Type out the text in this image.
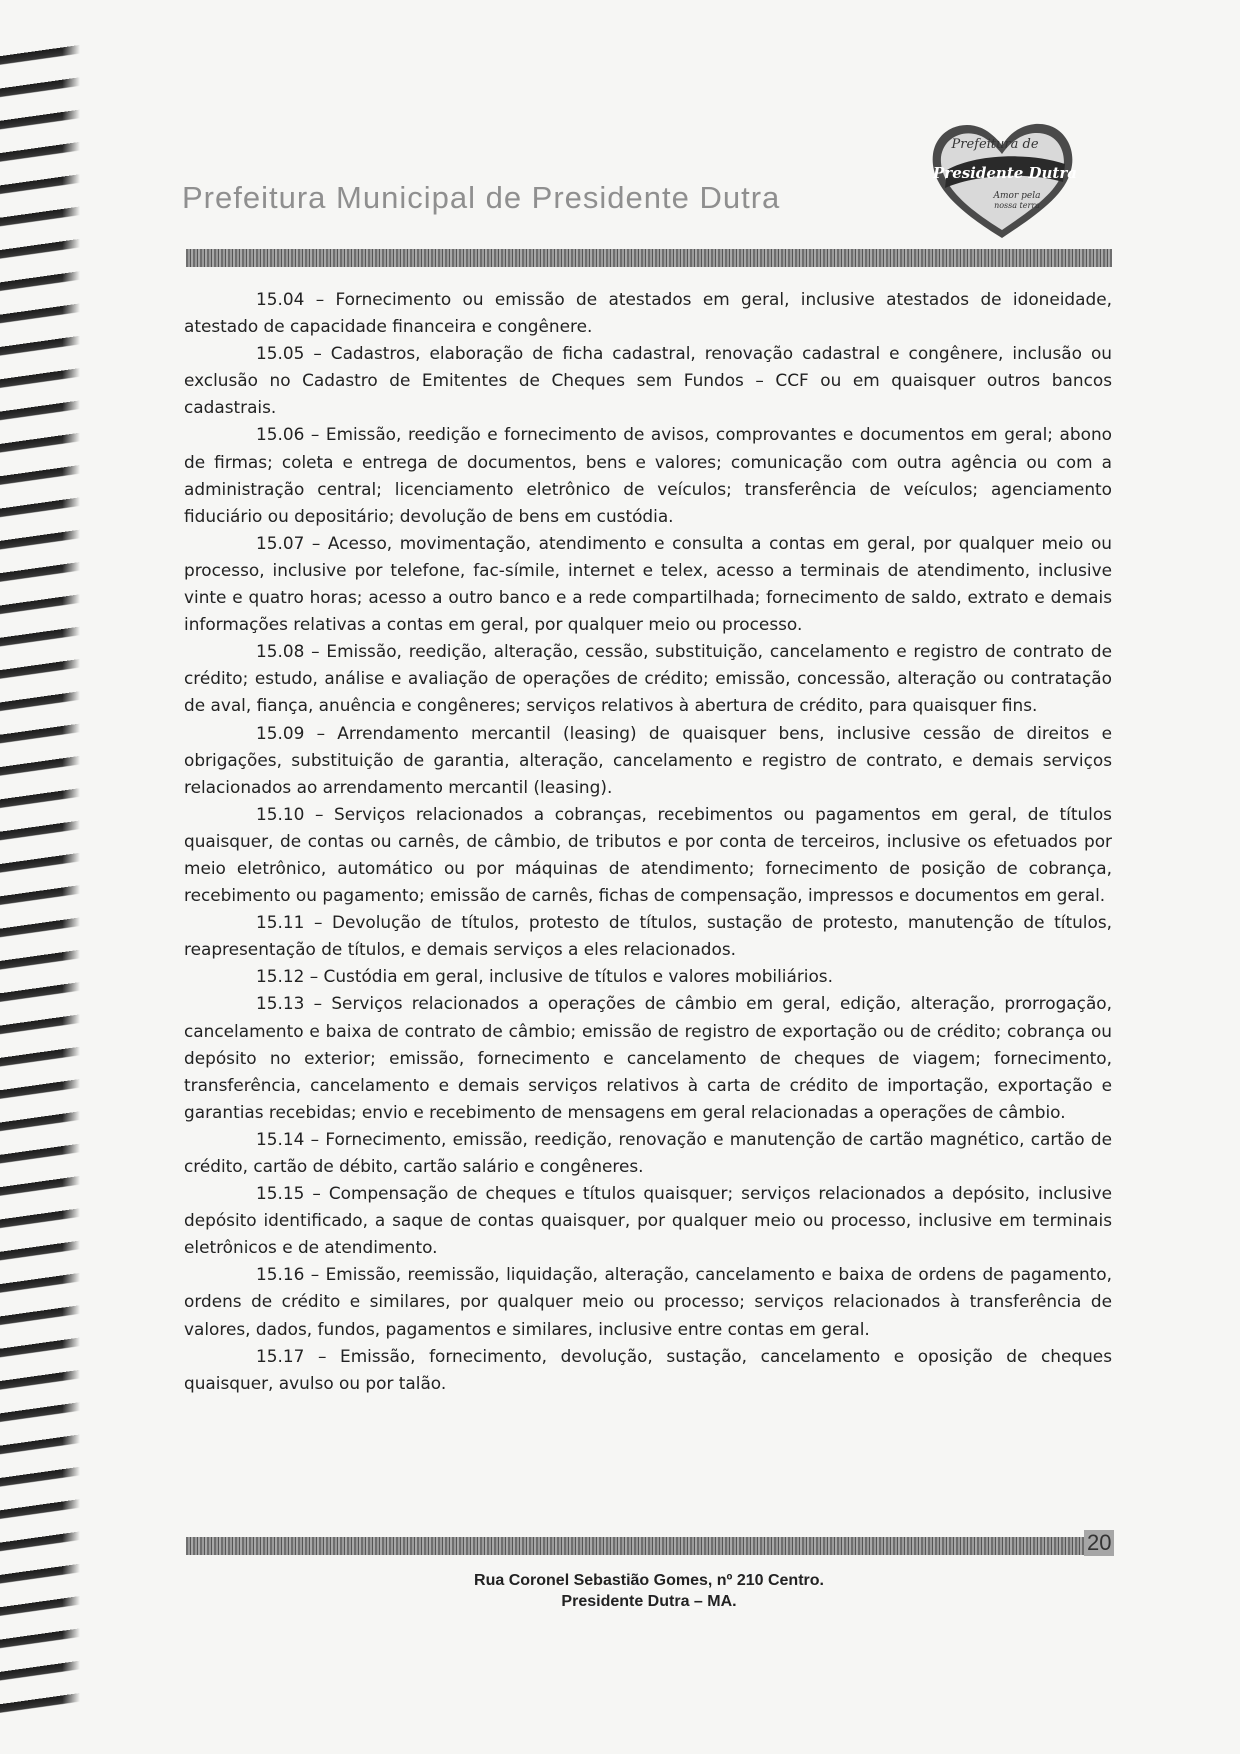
Prefeitura Municipal de Presidente Dutra
Prefeitura de
Presidente Dutra
Amor pela
nossa terra

15.04 – Fornecimento ou emissão de atestados em geral, inclusive atestados de idoneidade, atestado de capacidade financeira e congênere.

15.05 – Cadastros, elaboração de ficha cadastral, renovação cadastral e congênere, inclusão ou exclusão no Cadastro de Emitentes de Cheques sem Fundos – CCF ou em quaisquer outros bancos cadastrais.

15.06 – Emissão, reedição e fornecimento de avisos, comprovantes e documentos em geral; abono de firmas; coleta e entrega de documentos, bens e valores; comunicação com outra agência ou com a administração central; licenciamento eletrônico de veículos; transferência de veículos; agenciamento fiduciário ou depositário; devolução de bens em custódia.

15.07 – Acesso, movimentação, atendimento e consulta a contas em geral, por qualquer meio ou processo, inclusive por telefone, fac-símile, internet e telex, acesso a terminais de atendimento, inclusive vinte e quatro horas; acesso a outro banco e a rede compartilhada; fornecimento de saldo, extrato e demais informações relativas a contas em geral, por qualquer meio ou processo.

15.08 – Emissão, reedição, alteração, cessão, substituição, cancelamento e registro de contrato de crédito; estudo, análise e avaliação de operações de crédito; emissão, concessão, alteração ou contratação de aval, fiança, anuência e congêneres; serviços relativos à abertura de crédito, para quaisquer fins.

15.09 – Arrendamento mercantil (leasing) de quaisquer bens, inclusive cessão de direitos e obrigações, substituição de garantia, alteração, cancelamento e registro de contrato, e demais serviços relacionados ao arrendamento mercantil (leasing).

15.10 – Serviços relacionados a cobranças, recebimentos ou pagamentos em geral, de títulos quaisquer, de contas ou carnês, de câmbio, de tributos e por conta de terceiros, inclusive os efetuados por meio eletrônico, automático ou por máquinas de atendimento; fornecimento de posição de cobrança, recebimento ou pagamento; emissão de carnês, fichas de compensação, impressos e documentos em geral.

15.11 – Devolução de títulos, protesto de títulos, sustação de protesto, manutenção de títulos, reapresentação de títulos, e demais serviços a eles relacionados.

15.12 – Custódia em geral, inclusive de títulos e valores mobiliários.

15.13 – Serviços relacionados a operações de câmbio em geral, edição, alteração, prorrogação, cancelamento e baixa de contrato de câmbio; emissão de registro de exportação ou de crédito; cobrança ou depósito no exterior; emissão, fornecimento e cancelamento de cheques de viagem; fornecimento, transferência, cancelamento e demais serviços relativos à carta de crédito de importação, exportação e garantias recebidas; envio e recebimento de mensagens em geral relacionadas a operações de câmbio.

15.14 – Fornecimento, emissão, reedição, renovação e manutenção de cartão magnético, cartão de crédito, cartão de débito, cartão salário e congêneres.

15.15 – Compensação de cheques e títulos quaisquer; serviços relacionados a depósito, inclusive depósito identificado, a saque de contas quaisquer, por qualquer meio ou processo, inclusive em terminais eletrônicos e de atendimento.

15.16 – Emissão, reemissão, liquidação, alteração, cancelamento e baixa de ordens de pagamento, ordens de crédito e similares, por qualquer meio ou processo; serviços relacionados à transferência de valores, dados, fundos, pagamentos e similares, inclusive entre contas em geral.

15.17 – Emissão, fornecimento, devolução, sustação, cancelamento e oposição de cheques quaisquer, avulso ou por talão.

20
Rua Coronel Sebastião Gomes, nº 210 Centro.
Presidente Dutra – MA.
